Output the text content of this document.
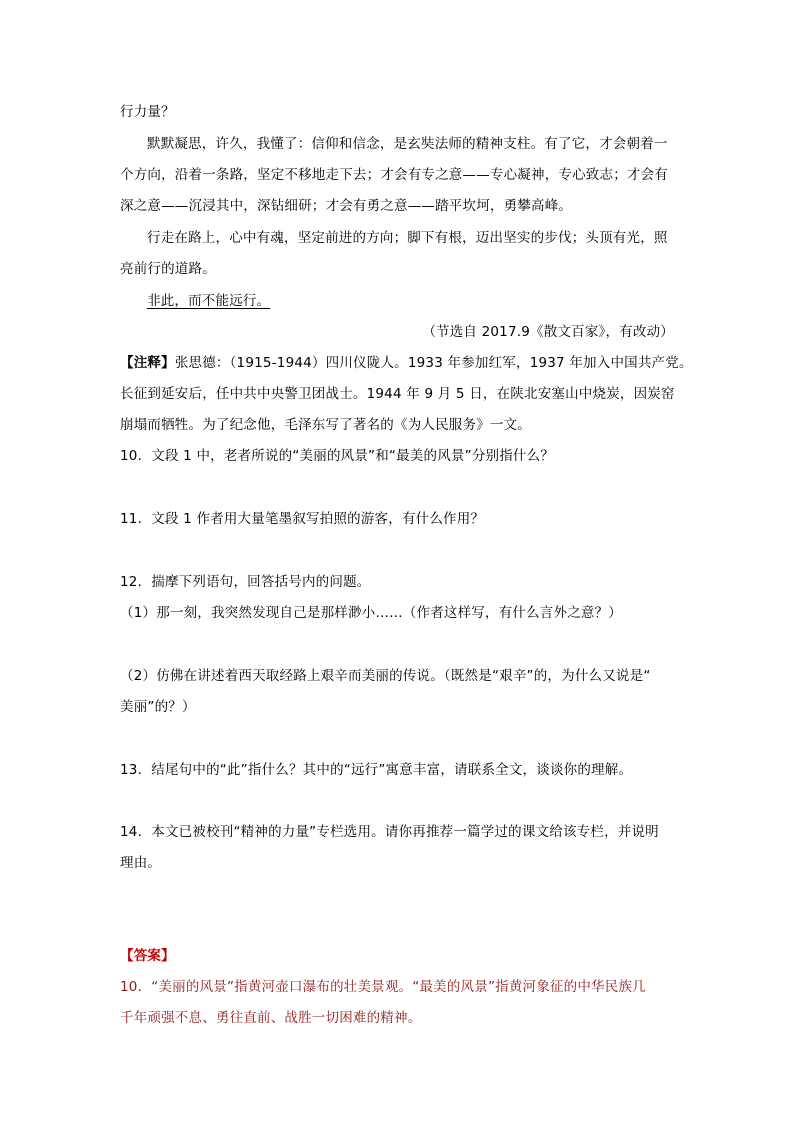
行力量？
默默凝思，许久，我懂了：信仰和信念，是玄奘法师的精神支柱。有了它，才会朝着一
个方向，沿着一条路，坚定不移地走下去；才会有专之意——专心凝神，专心致志；才会有
深之意——沉浸其中，深钻细研；才会有勇之意——踏平坎坷，勇攀高峰。
行走在路上，心中有魂，坚定前进的方向；脚下有根，迈出坚实的步伐；头顶有光，照
亮前行的道路。
非此，而不能远行。
（节选自 2017.9《散文百家》，有改动）
【注释】张思德：（1915-1944）四川仪陇人。1933 年参加红军，1937 年加入中国共产党。
长征到延安后，任中共中央警卫团战士。1944 年 9 月 5 日，在陕北安塞山中烧炭，因炭窑
崩塌而牺牲。为了纪念他，毛泽东写了著名的《为人民服务》一文。
10．文段 1 中，老者所说的“美丽的风景”和“最美的风景”分别指什么？
11．文段 1 作者用大量笔墨叙写拍照的游客，有什么作用？
12．揣摩下列语句，回答括号内的问题。
（1）那一刻，我突然发现自己是那样渺小……（作者这样写，有什么言外之意？）
（2）仿佛在讲述着西天取经路上艰辛而美丽的传说。（既然是“艰辛”的，为什么又说是“
美丽”的？）
13．结尾句中的“此”指什么？其中的“远行”寓意丰富，请联系全文，谈谈你的理解。
14．本文已被校刊“精神的力量”专栏选用。请你再推荐一篇学过的课文给该专栏，并说明
理由。
【答案】
10．“美丽的风景”指黄河壶口瀑布的壮美景观。“最美的风景”指黄河象征的中华民族几
千年顽强不息、勇往直前、战胜一切困难的精神。
